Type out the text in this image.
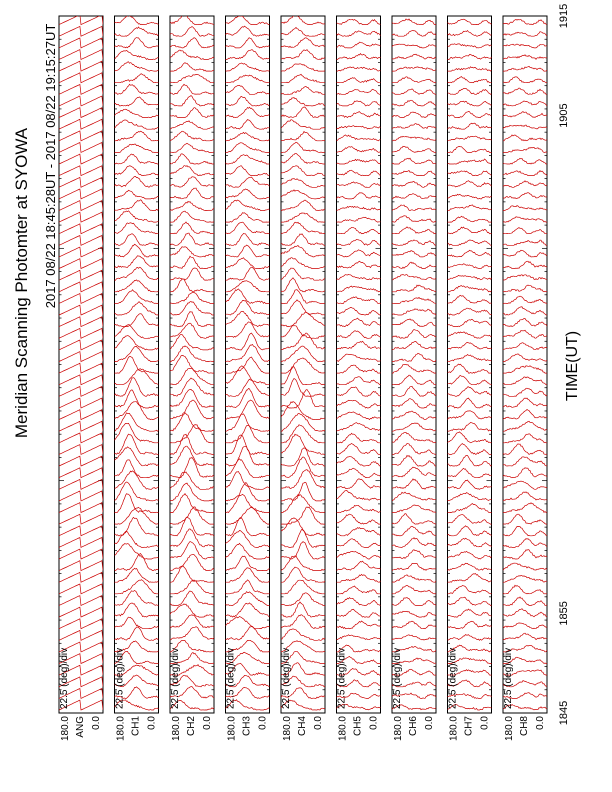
Meridian Scanning Photomter at SYOWA 2017 08/22 18:45:28UT - 2017 08/22 19:15:27UT
TIME(UT)
1845
1855
1905
1915
180.0 ANG 0.0
22.5 (deg)/div
180.0 CH1 0.0
22.5 (deg)/div
180.0 CH2 0.0
22.5 (deg)/div
180.0 CH3 0.0
22.5 (deg)/div
180.0 CH4 0.0
22.5 (deg)/div
180.0 CH5 0.0
22.5 (deg)/div
180.0 CH6 0.0
22.5 (deg)/div
180.0 CH7 0.0
22.5 (deg)/div
180.0 CH8 0.0
22.5 (deg)/div
